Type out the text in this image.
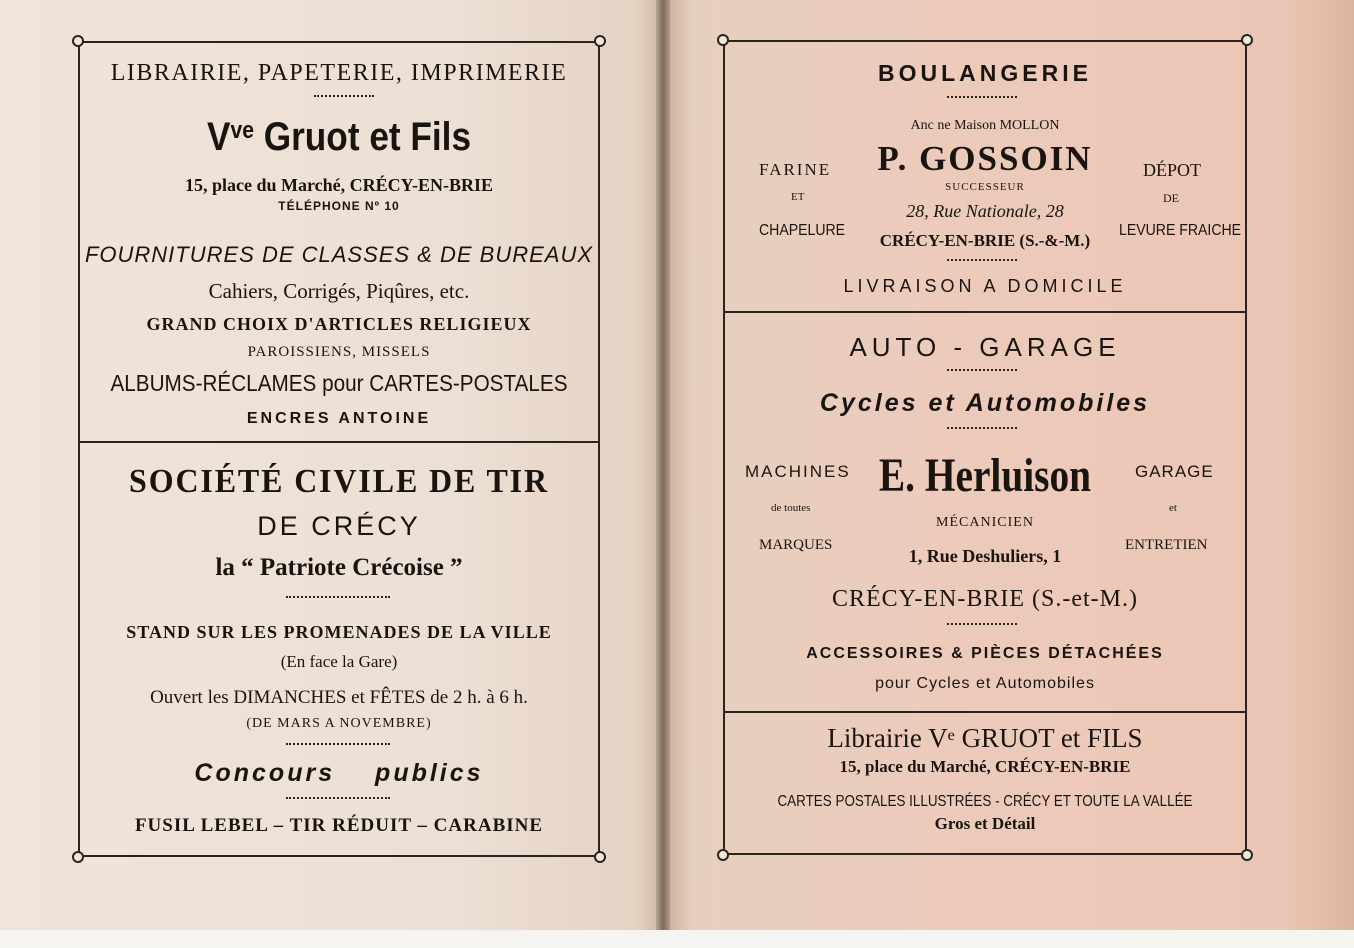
LIBRAIRIE, PAPETERIE, IMPRIMERIE
$V^{ve}$ Gruot et Fils
15, place du Marché, CRÉCY-EN-BRIE
TÉLÉPHONE Nº 10
FOURNITURES DE CLASSES & DE BUREAUX
Cahiers, Corrigés, Piqûres, etc.
GRAND CHOIX D'ARTICLES RELIGIEUX
PAROISSIENS, MISSELS
ALBUMS-RÉCLAMES pour CARTES-POSTALES
ENCRES ANTOINE
SOCIÉTÉ CIVILE DE TIR
DE CRÉCY
la “ Patriote Crécoise ”
STAND SUR LES PROMENADES DE LA VILLE
(En face la Gare)
Ouvert les DIMANCHES et FÊTES de 2 h. à 6 h.
(DE MARS A NOVEMBRE)
Concours publics
FUSIL LEBEL – TIR RÉDUIT – CARABINE
BOULANGERIE
Anc ne Maison MOLLON
FARINE
ET
CHAPELURE
P. GOSSOIN
SUCCESSEUR
28, Rue Nationale, 28
CRÉCY-EN-BRIE (S.-&-M.)
DÉPOT
DE
LEVURE FRAICHE
LIVRAISON A DOMICILE
AUTO - GARAGE
Cycles et Automobiles
MACHINES
de toutes
MARQUES
E. Herluison
MÉCANICIEN
1, Rue Deshuliers, 1
GARAGE
et
ENTRETIEN
CRÉCY-EN-BRIE (S.-et-M.)
ACCESSOIRES & PIÈCES DÉTACHÉES
pour Cycles et Automobiles
Librairie Ve GRUOT et FILS
15, place du Marché, CRÉCY-EN-BRIE
CARTES POSTALES ILLUSTRÉES - CRÉCY ET TOUTE LA VALLÉE
Gros et Détail
